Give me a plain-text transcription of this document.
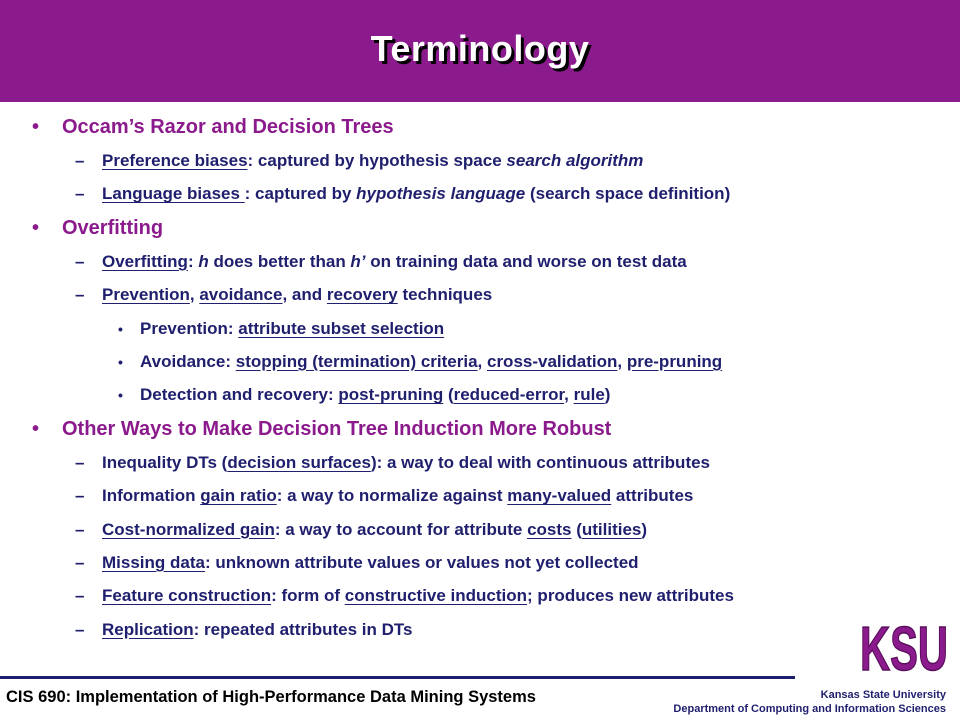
Terminology
• Occam’s Razor and Decision Trees
– Preference biases: captured by hypothesis space search algorithm
– Language biases : captured by hypothesis language (search space definition)
• Overfitting
– Overfitting: h does better than h’ on training data and worse on test data
– Prevention, avoidance, and recovery techniques
• Prevention: attribute subset selection
• Avoidance: stopping (termination) criteria, cross-validation, pre-pruning
• Detection and recovery: post-pruning (reduced-error, rule)
• Other Ways to Make Decision Tree Induction More Robust
– Inequality DTs (decision surfaces): a way to deal with continuous attributes
– Information gain ratio: a way to normalize against many-valued attributes
– Cost-normalized gain: a way to account for attribute costs (utilities)
– Missing data: unknown attribute values or values not yet collected
– Feature construction: form of constructive induction; produces new attributes
– Replication: repeated attributes in DTs	KSU
CIS 690: Implementation of High-Performance Data Mining Systems	Kansas State University
Department of Computing and Information Sciences
